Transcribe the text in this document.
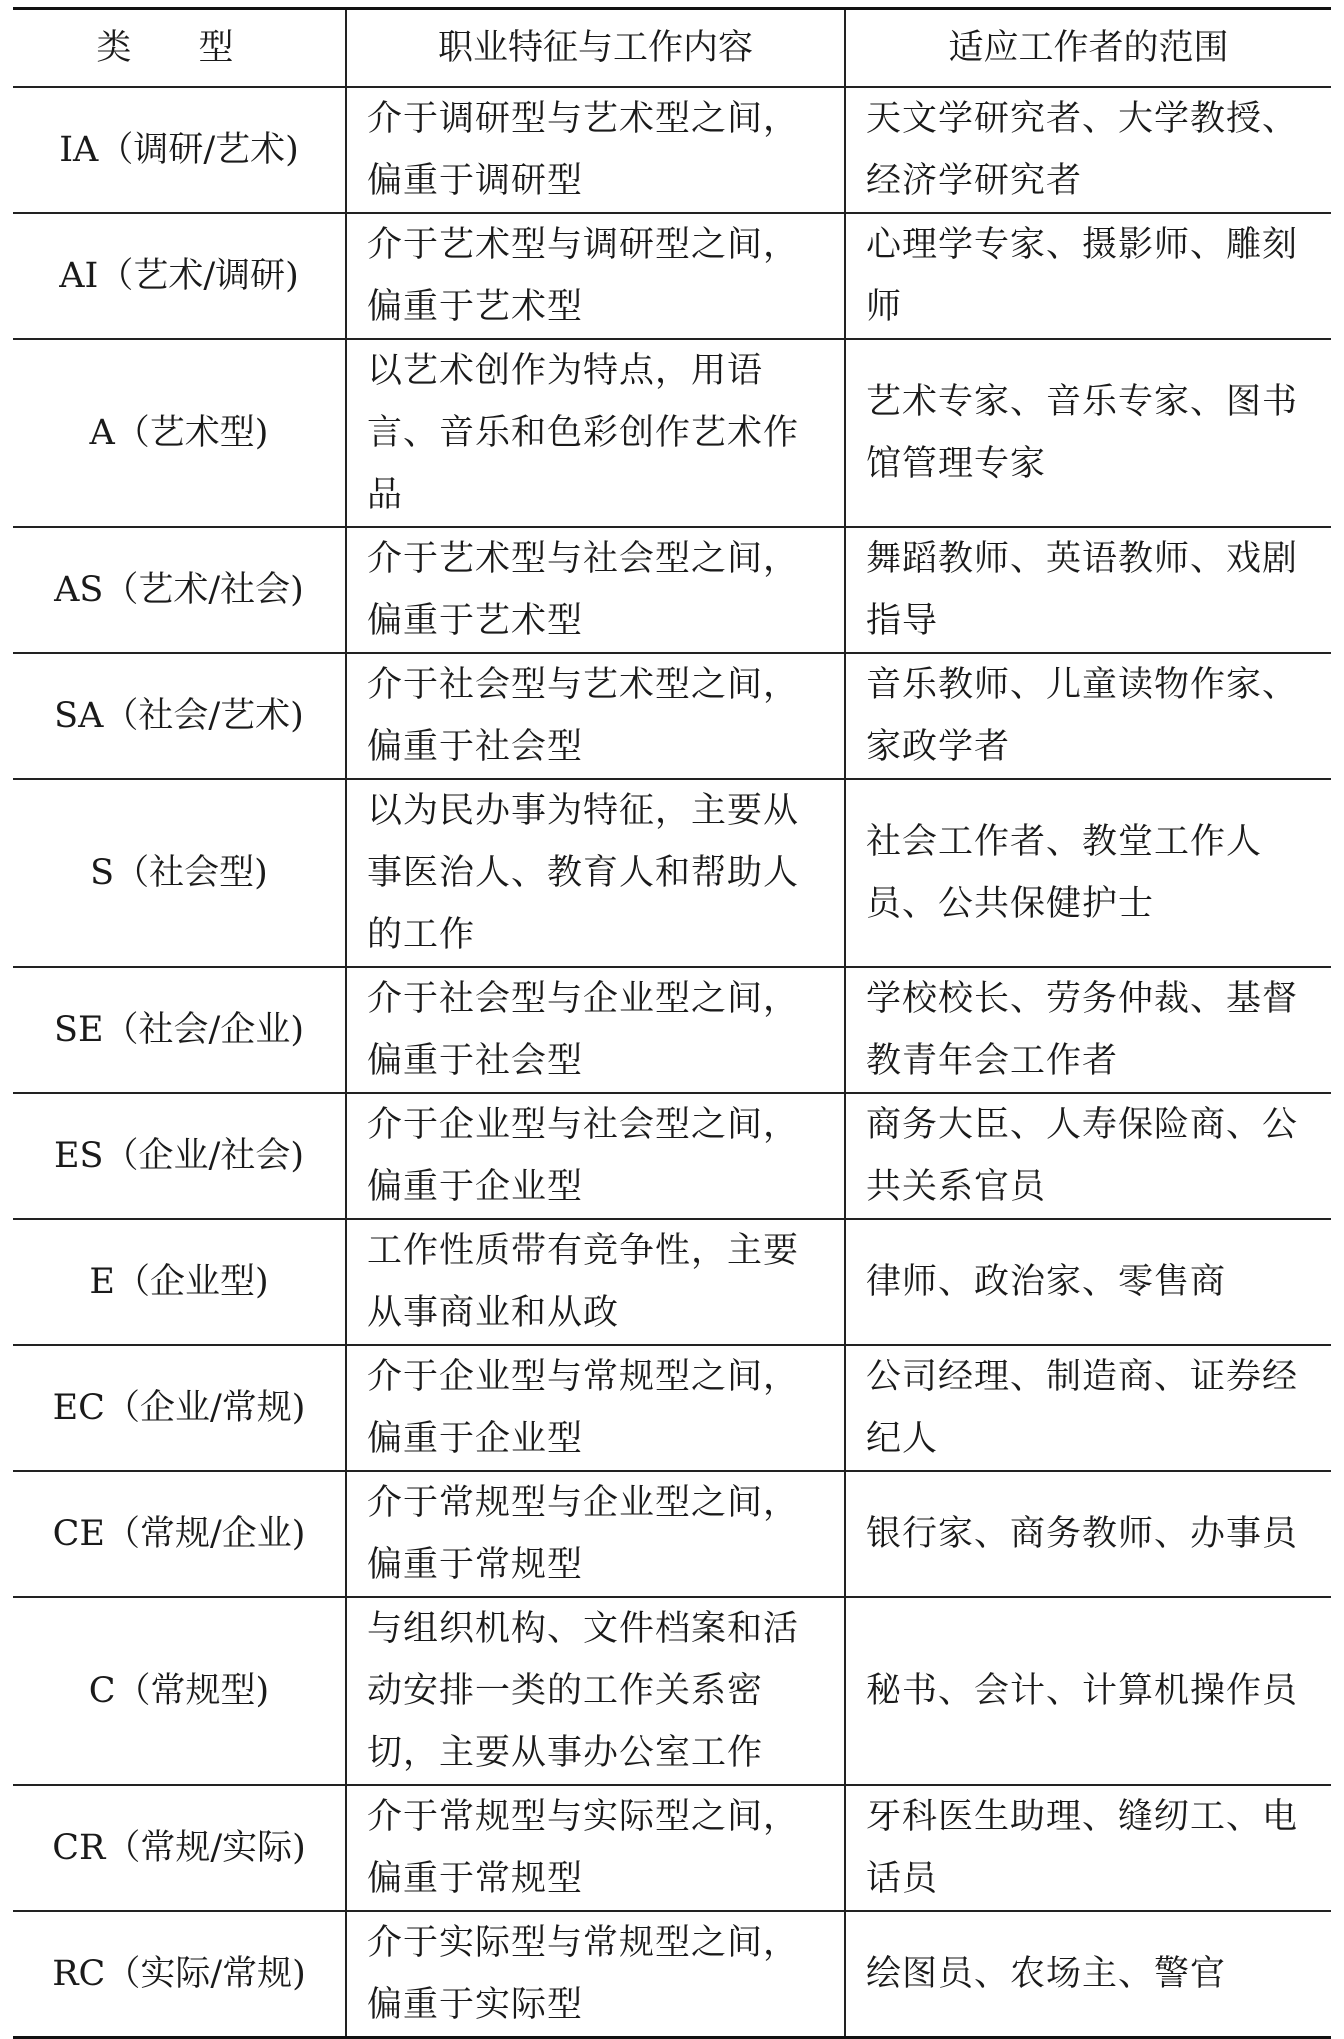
类 型	职业特征与工作内容	适应工作者的范围
IA（调研/艺术)	介于调研型与艺术型之间，偏重于调研型	天文学研究者、大学教授、经济学研究者
AI（艺术/调研)	介于艺术型与调研型之间，偏重于艺术型	心理学专家、摄影师、雕刻师
A（艺术型)	以艺术创作为特点，用语言、音乐和色彩创作艺术作品	艺术专家、音乐专家、图书馆管理专家
AS（艺术/社会)	介于艺术型与社会型之间，偏重于艺术型	舞蹈教师、英语教师、戏剧指导
SA（社会/艺术)	介于社会型与艺术型之间，偏重于社会型	音乐教师、儿童读物作家、家政学者
S（社会型)	以为民办事为特征，主要从事医治人、教育人和帮助人的工作	社会工作者、教堂工作人员、公共保健护士
SE（社会/企业)	介于社会型与企业型之间，偏重于社会型	学校校长、劳务仲裁、基督教青年会工作者
ES（企业/社会)	介于企业型与社会型之间，偏重于企业型	商务大臣、人寿保险商、公共关系官员
E（企业型)	工作性质带有竞争性，主要从事商业和从政	律师、政治家、零售商
EC（企业/常规)	介于企业型与常规型之间，偏重于企业型	公司经理、制造商、证券经纪人
CE（常规/企业)	介于常规型与企业型之间，偏重于常规型	银行家、商务教师、办事员
C（常规型)	与组织机构、文件档案和活动安排一类的工作关系密切，主要从事办公室工作	秘书、会计、计算机操作员
CR（常规/实际)	介于常规型与实际型之间，偏重于常规型	牙科医生助理、缝纫工、电话员
RC（实际/常规)	介于实际型与常规型之间，偏重于实际型	绘图员、农场主、警官
